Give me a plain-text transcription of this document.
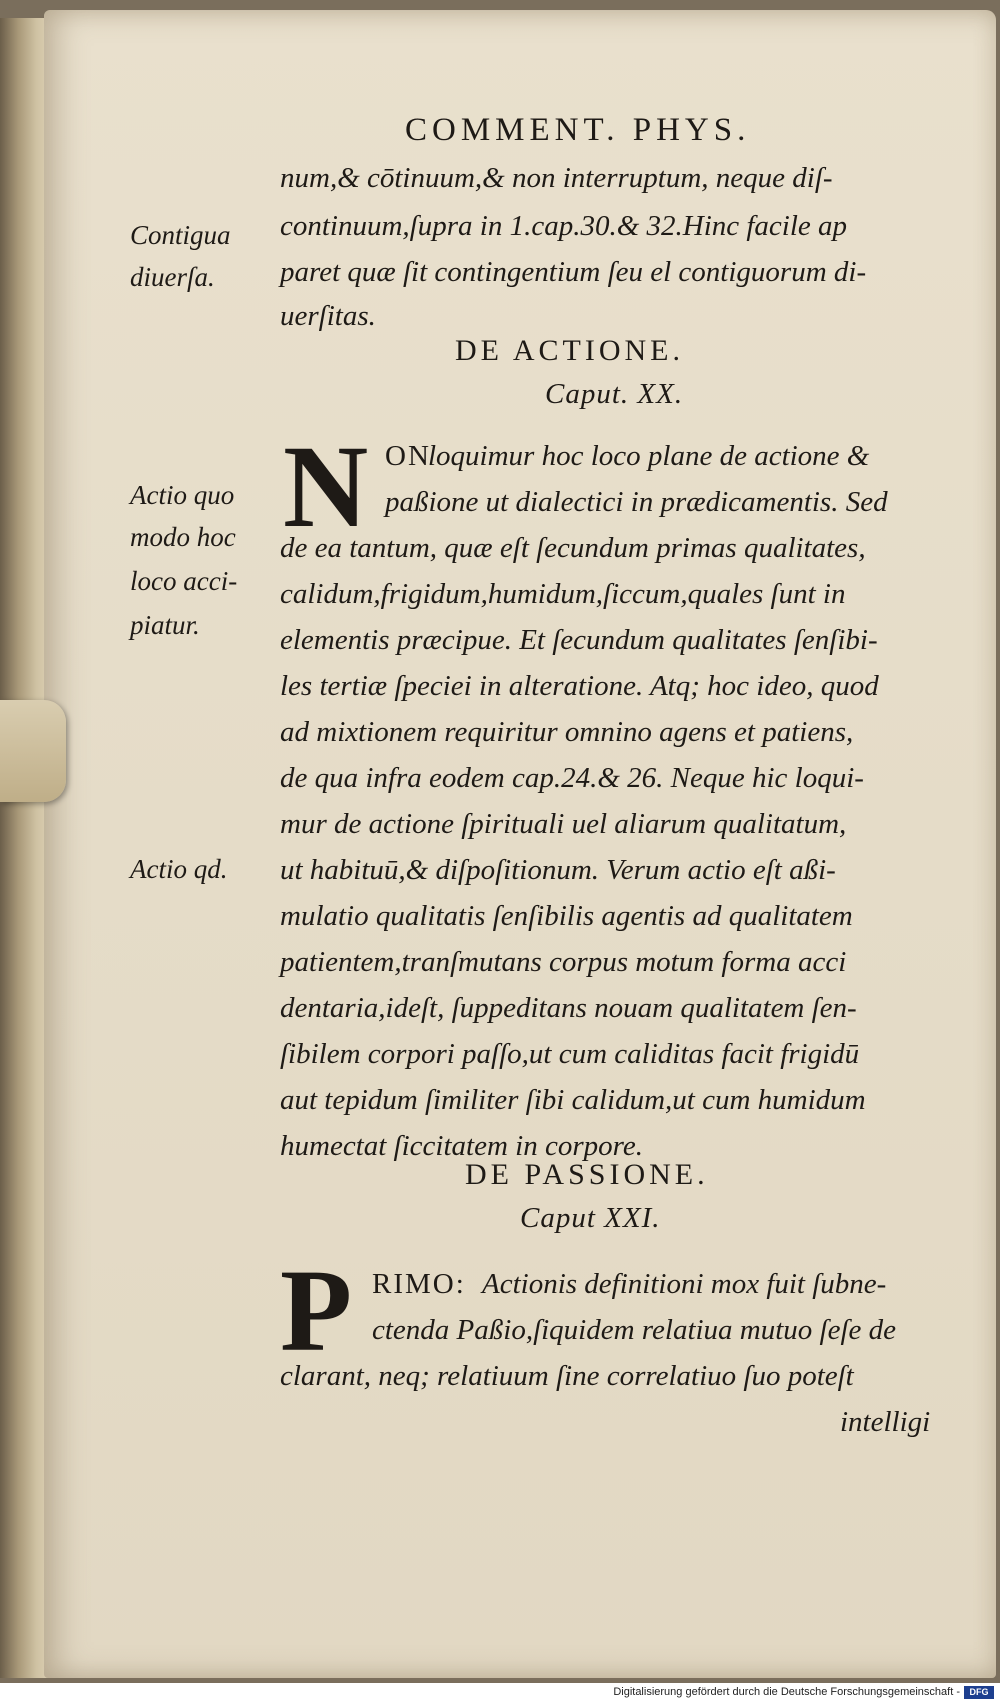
COMMENT. PHYS.
num,& cōtinuum,& non interruptum, neque diſ-
continuum,ſupra in 1.cap.30.& 32.Hinc facile ap
paret quæ ſit contingentium ſeu el contiguorum di-
uerſitas.
Contigua
diuerſa.
DE ACTIONE.
Caput. XX.
N ON
loquimur hoc loco plane de actione &
paßione ut dialectici in prædicamentis. Sed
de ea tantum, quæ eſt ſecundum primas qualitates,
calidum,frigidum,humidum,ſiccum,quales ſunt in
elementis præcipue. Et ſecundum qualitates ſenſibi-
les tertiæ ſpeciei in alteratione. Atq; hoc ideo, quod
ad mixtionem requiritur omnino agens et patiens,
de qua infra eodem cap.24.& 26. Neque hic loqui-
mur de actione ſpirituali uel aliarum qualitatum,
ut habituū,& diſpoſitionum. Verum actio eſt aßi-
mulatio qualitatis ſenſibilis agentis ad qualitatem
patientem,tranſmutans corpus motum forma acci
dentaria,ideſt, ſuppeditans nouam qualitatem ſen-
ſibilem corpori paſſo,ut cum caliditas facit frigidū
aut tepidum ſimiliter ſibi calidum,ut cum humidum
humectat ſiccitatem in corpore.
Actio quo
modo hoc
loco acci-
piatur.
Actio qd.
DE PASSIONE.
Caput XXI.
P RIMO: Actionis definitioni mox fuit ſubne-
ctenda Paßio,ſiquidem relatiua mutuo ſeſe de
clarant, neq; relatiuum ſine correlatiuo ſuo poteſt
intelligi
Digitalisierung gefördert durch die Deutsche Forschungsgemeinschaft -	DFG
